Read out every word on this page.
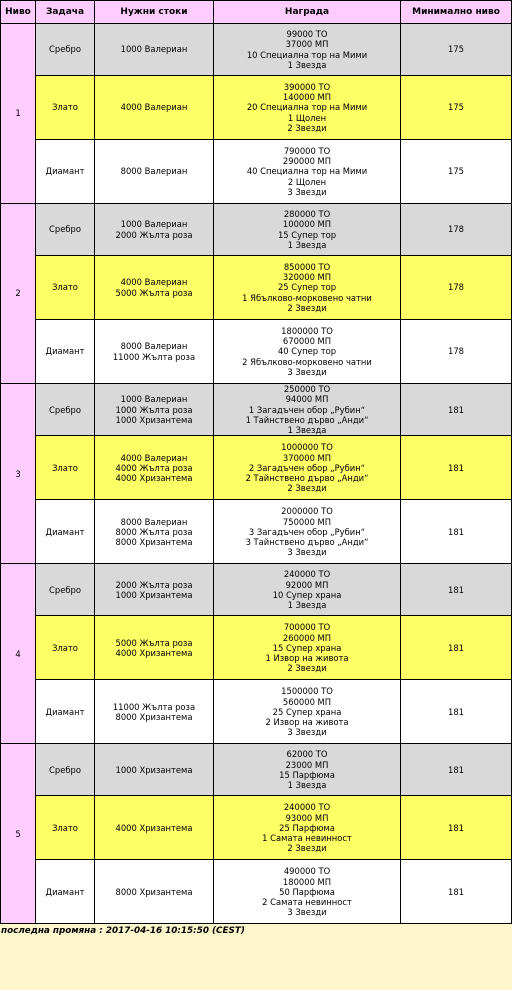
Ниво	Задача	Нужни стоки	Награда	Минимално ниво
1	Сребро	1000 Валериан	99000 ТО
37000 МП
10 Специална тор на Мими
1 Звезда	175
	Злато	4000 Валериан	390000 ТО
140000 МП
20 Специална тор на Мими
1 Щолен
2 Звезди	175
	Диамант	8000 Валериан	790000 ТО
290000 МП
40 Специална тор на Мими
2 Щолен
3 Звезди	175
2	Сребро	1000 Валериан
2000 Жълта роза	280000 ТО
100000 МП
15 Супер тор
1 Звезда	178
	Злато	4000 Валериан
5000 Жълта роза	850000 ТО
320000 МП
25 Супер тор
1 Ябълково-морковено чатни
2 Звезди	178
	Диамант	8000 Валериан
11000 Жълта роза	1800000 ТО
670000 МП
40 Супер тор
2 Ябълково-морковено чатни
3 Звезди	178
3	Сребро	1000 Валериан
1000 Жълта роза
1000 Хризантема	250000 ТО
94000 МП
1 Загадъчен обор „Рубин“
1 Тайнствено дърво „Анди“
1 Звезда	181
	Злато	4000 Валериан
4000 Жълта роза
4000 Хризантема	1000000 ТО
370000 МП
2 Загадъчен обор „Рубин“
2 Тайнствено дърво „Анди“
2 Звезди	181
	Диамант	8000 Валериан
8000 Жълта роза
8000 Хризантема	2000000 ТО
750000 МП
3 Загадъчен обор „Рубин“
3 Тайнствено дърво „Анди“
3 Звезди	181
4	Сребро	2000 Жълта роза
1000 Хризантема	240000 ТО
92000 МП
10 Супер храна
1 Звезда	181
	Злато	5000 Жълта роза
4000 Хризантема	700000 ТО
260000 МП
15 Супер храна
1 Извор на живота
2 Звезди	181
	Диамант	11000 Жълта роза
8000 Хризантема	1500000 ТО
560000 МП
25 Супер храна
2 Извор на живота
3 Звезди	181
5	Сребро	1000 Хризантема	62000 ТО
23000 МП
15 Парфюма
1 Звезда	181
	Злато	4000 Хризантема	240000 ТО
93000 МП
25 Парфюма
1 Самата невинност
2 Звезди	181
	Диамант	8000 Хризантема	490000 ТО
180000 МП
50 Парфюма
2 Самата невинност
3 Звезди	181
последна промяна : 2017-04-16 10:15:50 (CEST)
